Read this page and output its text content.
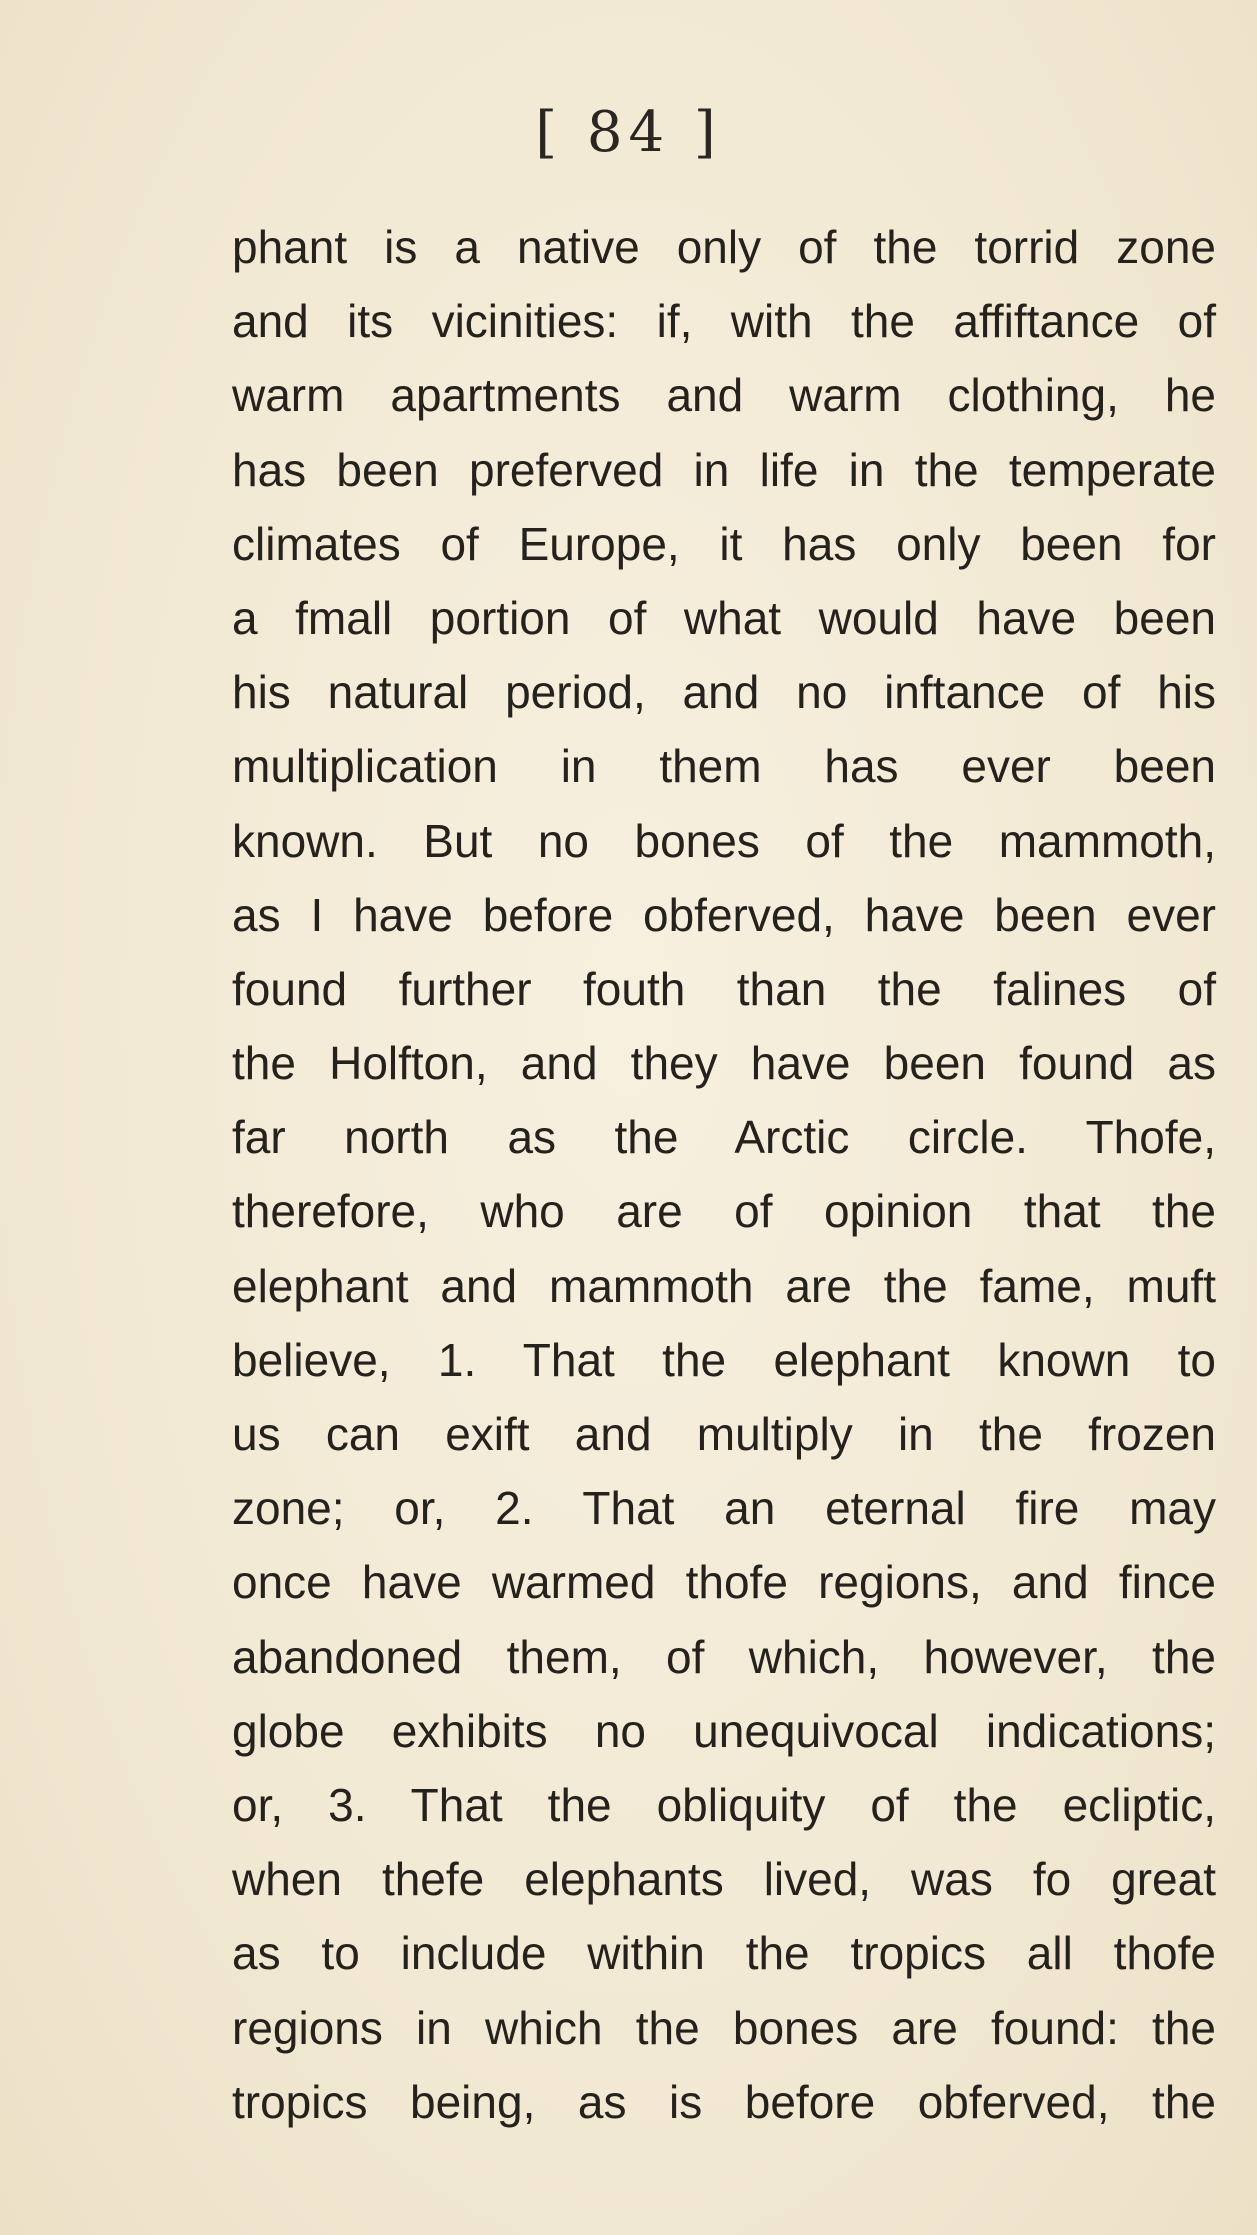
[ 84 ]
phant is a native only of the torrid zone
and its vicinities: if, with the affiftance of
warm apartments and warm clothing, he
has been preferved in life in the temperate
climates of Europe, it has only been for
a fmall portion of what would have been
his natural period, and no inftance of his
multiplication in them has ever been
known. But no bones of the mammoth,
as I have before obferved, have been ever
found further fouth than the falines of
the Holfton, and they have been found as
far north as the Arctic circle. Thofe,
therefore, who are of opinion that the
elephant and mammoth are the fame, muft
believe, 1. That the elephant known to
us can exift and multiply in the frozen
zone; or, 2. That an eternal fire may
once have warmed thofe regions, and fince
abandoned them, of which, however, the
globe exhibits no unequivocal indications;
or, 3. That the obliquity of the ecliptic,
when thefe elephants lived, was fo great
as to include within the tropics all thofe
regions in which the bones are found: the
tropics being, as is before obferved, the
